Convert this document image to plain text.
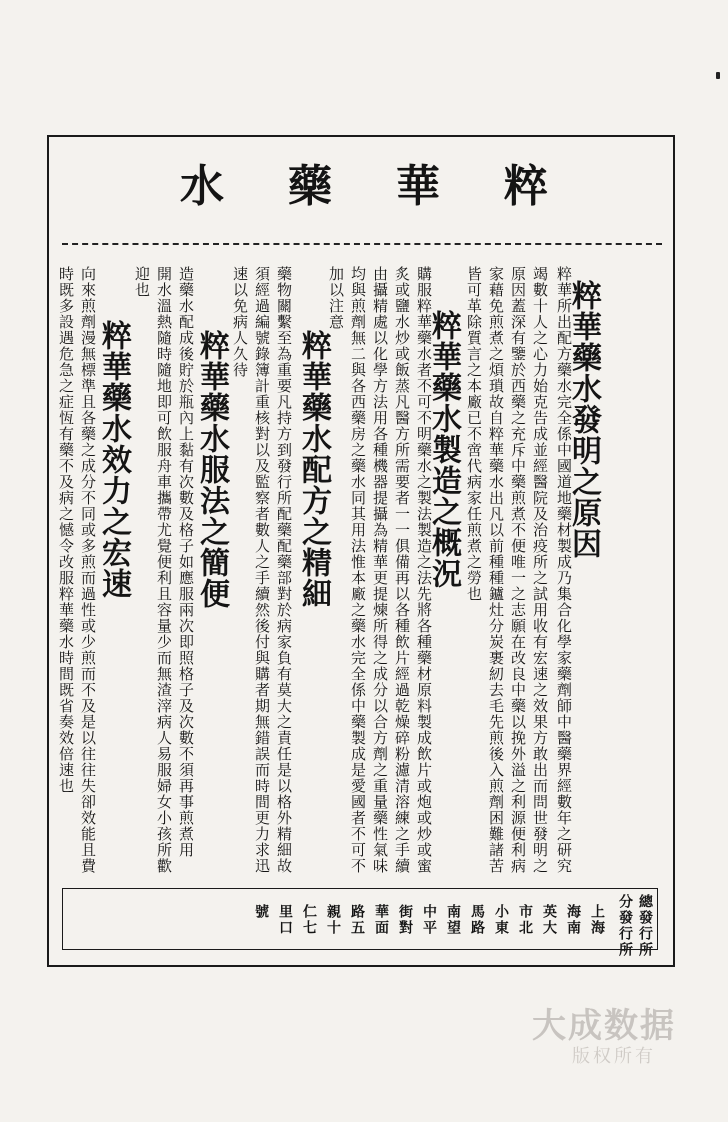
水 藥 華 粹
粹華藥水發明之原因
粹華所出配方藥水完全係中國道地藥材製成乃集合化學家藥劑師中醫藥界經數年之研究
竭數十人之心力始克告成並經醫院及治疫所之試用收有宏速之效果方敢出而問世發明之
原因蓋深有鑒於西藥之充斥中藥煎煮不便唯一之志願在改良中藥以挽外溢之利源便利病
家藉免煎煮之煩瑣故自粹華藥水出凡以前種種鑪灶分炭裹紉去毛先煎後入煎劑困難諸苦
皆可革除質言之本廠已不啻代病家任煎煮之勞也
粹華藥水製造之概況
購服粹華藥水者不可不明藥水之製法製造之法先將各種藥材原料製成飲片或炮或炒或蜜
炙或鹽水炒或飯蒸凡醫方所需要者一一俱備再以各種飲片經過乾燥碎粉濾清溶練之手續
由攝精處以化學方法用各種機器提攝為精華更提煉所得之成分以合方劑之重量藥性氣味
均與煎劑無二與各西藥房之藥水同其用法惟本廠之藥水完全係中藥製成是愛國者不可不
加以注意
粹華藥水配方之精細
藥物關繫至為重要凡持方到發行所配藥配藥部對於病家負有莫大之責任是以格外精細故
須經過編號錄簿計重核對以及監察者數人之手續然後付與購者期無錯誤而時間更力求迅
速以免病人久待
粹華藥水服法之簡便
造藥水配成後貯於瓶內上黏有次數及格子如應服兩次即照格子及次數不須再事煎煮用
開水溫熱隨時隨地即可飲服舟車攜帶尤覺便利且容量少而無渣滓病人易服婦女小孩所歡
迎也
粹華藥水效力之宏速
向來煎劑漫無標準且各藥之成分不同或多煎而過性或少煎而不及是以往往失卻效能且費
時既多設遇危急之症恆有藥不及病之憾令改服粹華藥水時間既省奏效倍速也
總發行所
分發行所
上海
海南
英大
市北
小東
馬路
南望
中平
街對
華面
路五
親十
仁七
里口
號
大成数据
版权所有
